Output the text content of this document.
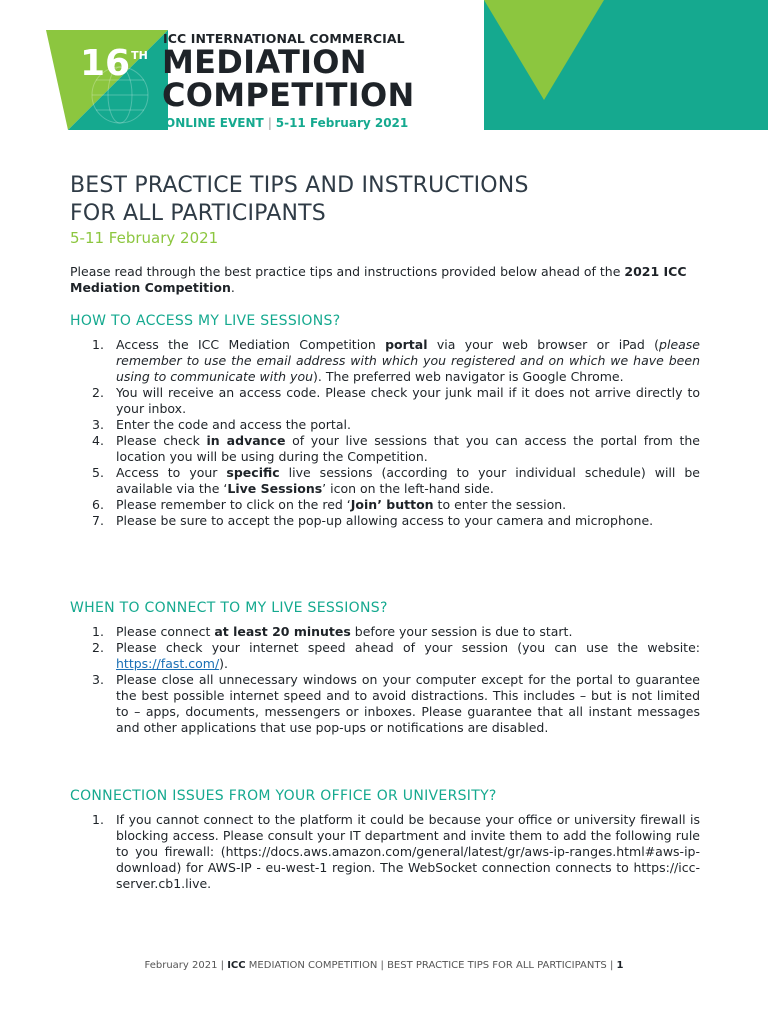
16TH
ICC INTERNATIONAL COMMERCIAL
MEDIATION
COMPETITION
ONLINE EVENT | 5-11 February 2021
BEST PRACTICE TIPS AND INSTRUCTIONS
FOR ALL PARTICIPANTS
5-11 February 2021
Please read through the best practice tips and instructions provided below ahead of the 2021 ICC Mediation Competition.
HOW TO ACCESS MY LIVE SESSIONS?
1. Access the ICC Mediation Competition portal via your web browser or iPad (please remember to use the email address with which you registered and on which we have been using to communicate with you). The preferred web navigator is Google Chrome.
2. You will receive an access code. Please check your junk mail if it does not arrive directly to your inbox.
3. Enter the code and access the portal.
4. Please check in advance of your live sessions that you can access the portal from the location you will be using during the Competition.
5. Access to your specific live sessions (according to your individual schedule) will be available via the ‘Live Sessions’ icon on the left-hand side.
6. Please remember to click on the red ‘Join’ button to enter the session.
7. Please be sure to accept the pop-up allowing access to your camera and microphone.
WHEN TO CONNECT TO MY LIVE SESSIONS?
1. Please connect at least 20 minutes before your session is due to start.
2. Please check your internet speed ahead of your session (you can use the website: https://fast.com/).
3. Please close all unnecessary windows on your computer except for the portal to guarantee the best possible internet speed and to avoid distractions. This includes – but is not limited to – apps, documents, messengers or inboxes. Please guarantee that all instant messages and other applications that use pop-ups or notifications are disabled.
CONNECTION ISSUES FROM YOUR OFFICE OR UNIVERSITY?
1. If you cannot connect to the platform it could be because your office or university firewall is blocking access. Please consult your IT department and invite them to add the following rule to you firewall: (https://docs.aws.amazon.com/general/latest/gr/aws-ip-ranges.html#aws-ip-download) for AWS-IP - eu-west-1 region. The WebSocket connection connects to https://icc-server.cb1.live.
February 2021 | ICC MEDIATION COMPETITION | BEST PRACTICE TIPS FOR ALL PARTICIPANTS | 1
